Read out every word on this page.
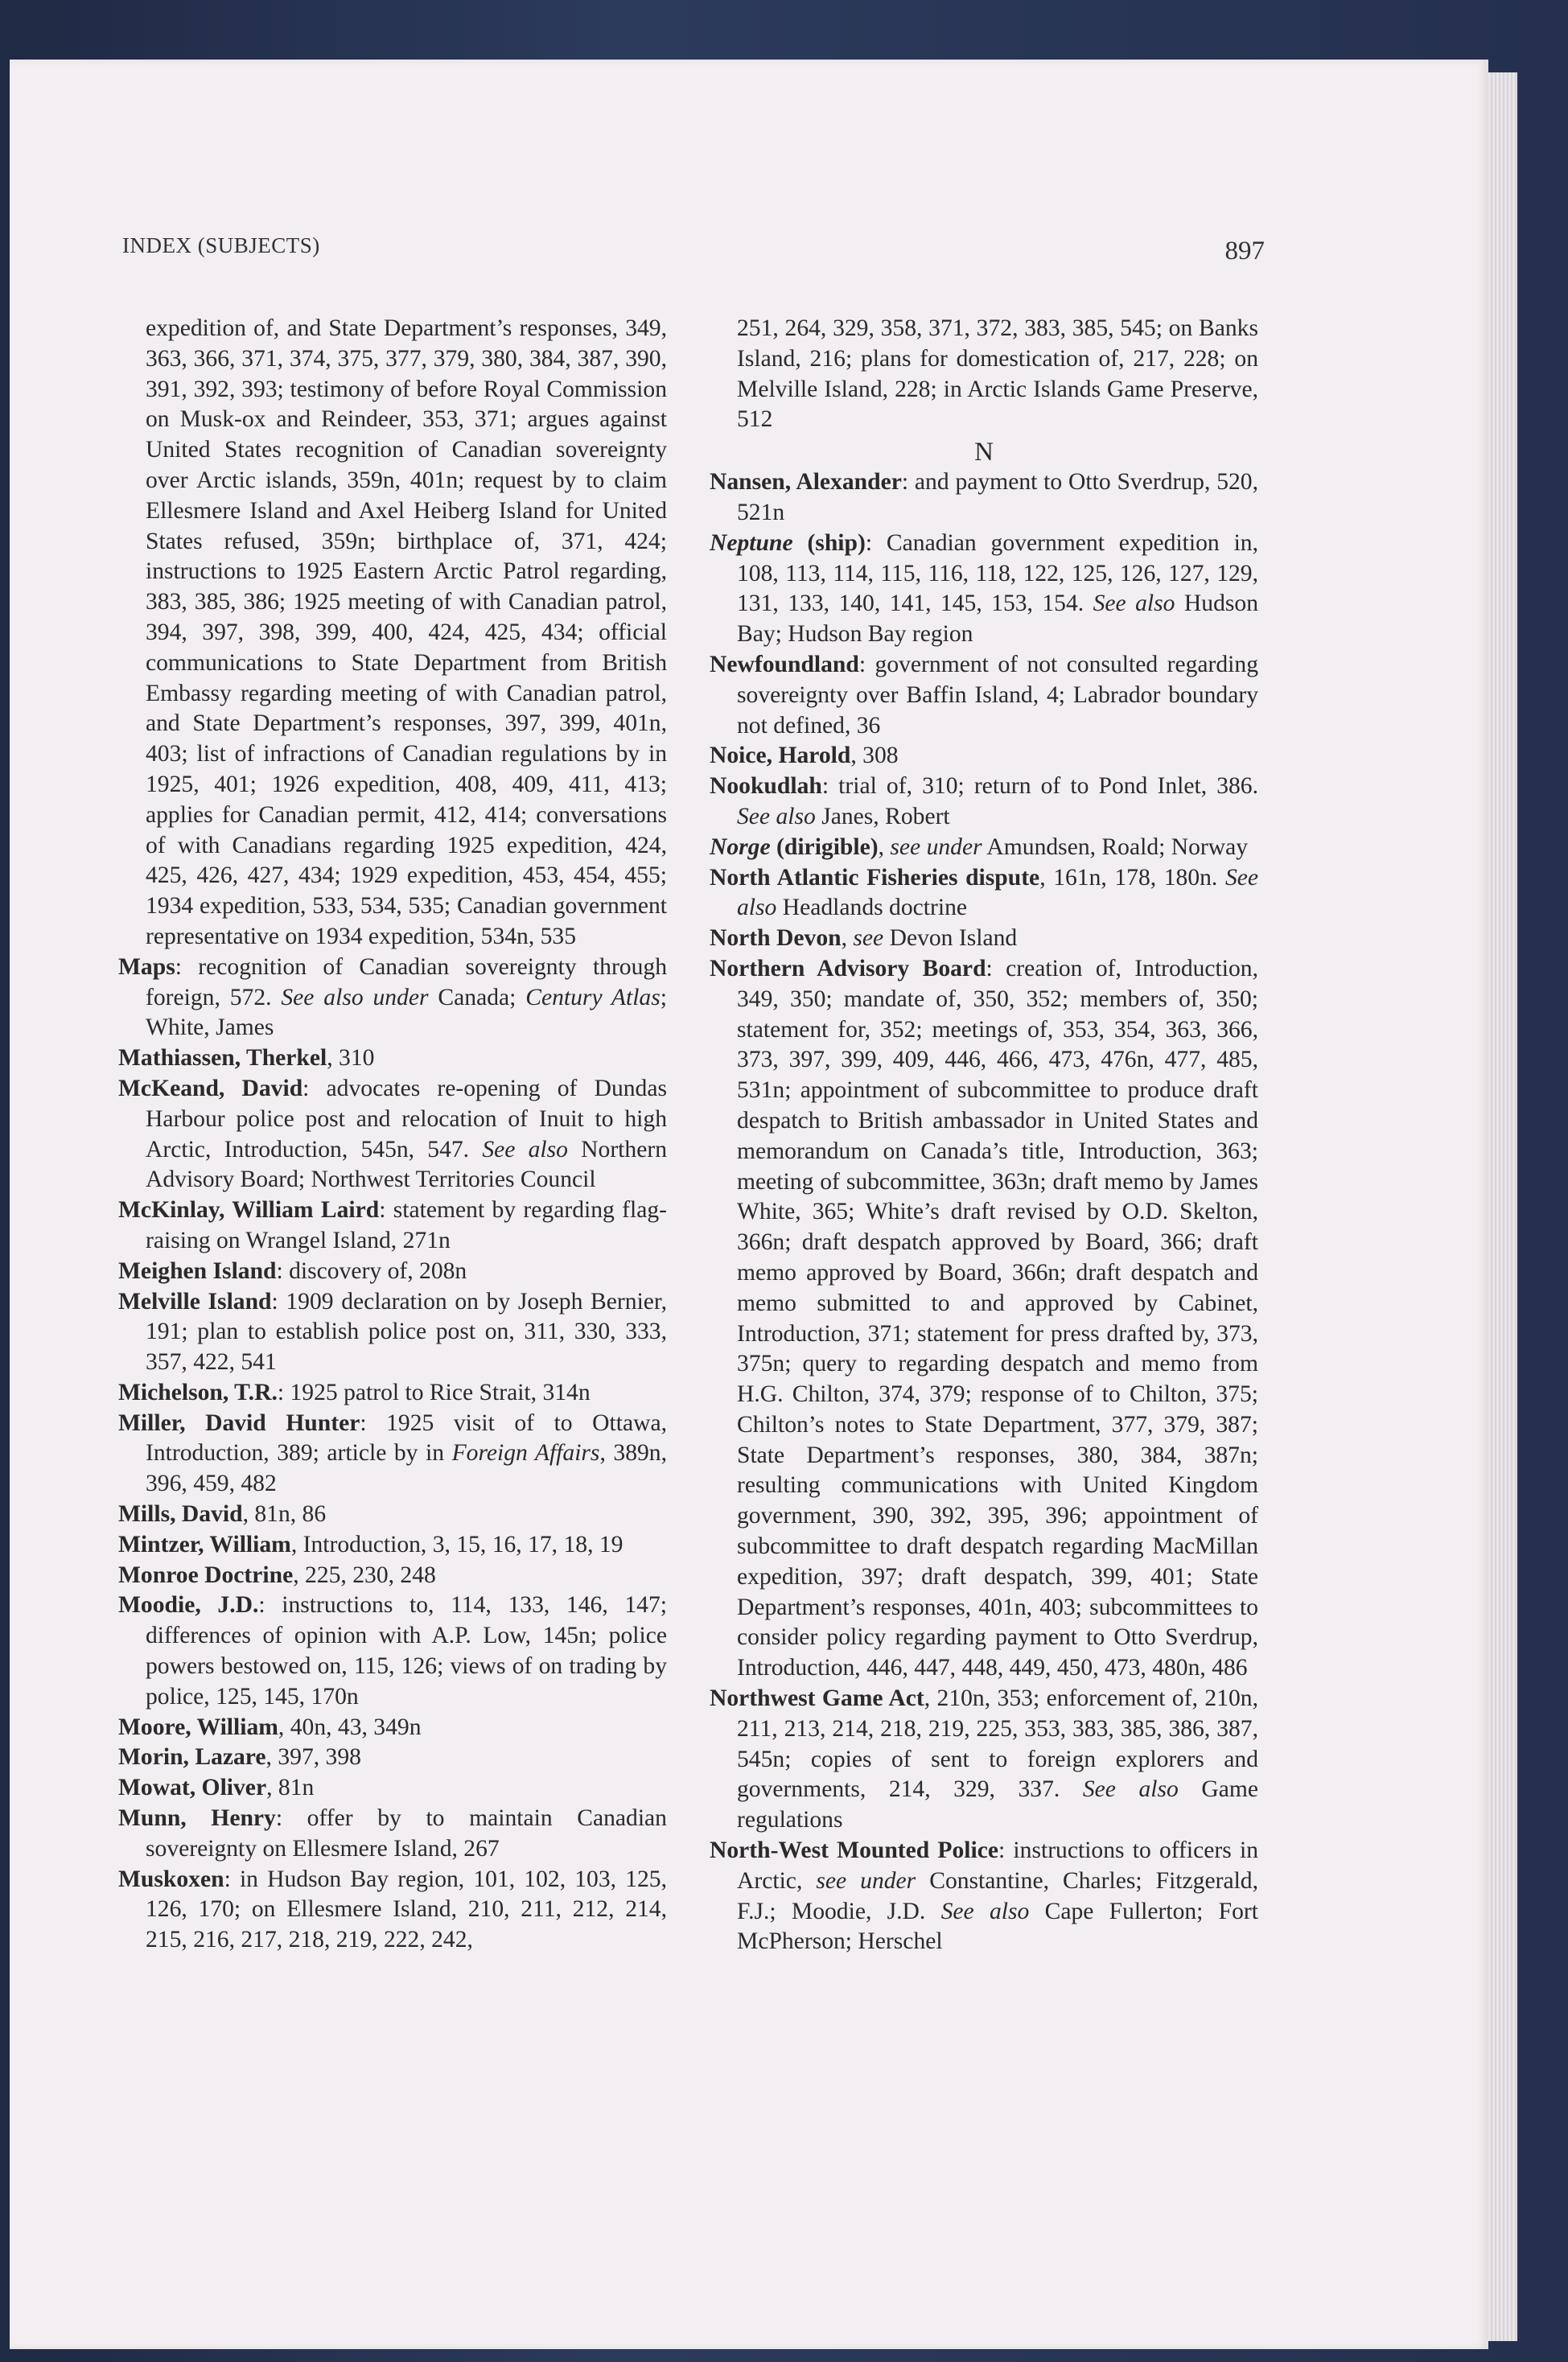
INDEX (SUBJECTS)	897

expedition of, and State Department’s responses, 349, 363, 366, 371, 374, 375, 377, 379, 380, 384, 387, 390, 391, 392, 393; testimony of before Royal Commission on Musk-ox and Reindeer, 353, 371; argues against United States recognition of Canadian sovereignty over Arctic islands, 359n, 401n; request by to claim Ellesmere Island and Axel Heiberg Island for United States refused, 359n; birthplace of, 371, 424; instructions to 1925 Eastern Arctic Patrol regarding, 383, 385, 386; 1925 meeting of with Canadian patrol, 394, 397, 398, 399, 400, 424, 425, 434; official communications to State Department from British Embassy regarding meeting of with Canadian patrol, and State Department’s responses, 397, 399, 401n, 403; list of infractions of Canadian regulations by in 1925, 401; 1926 expedition, 408, 409, 411, 413; applies for Canadian permit, 412, 414; conversations of with Canadians regarding 1925 expedition, 424, 425, 426, 427, 434; 1929 expedition, 453, 454, 455; 1934 expedition, 533, 534, 535; Canadian government representative on 1934 expedition, 534n, 535

Maps: recognition of Canadian sovereignty through foreign, 572. See also under Canada; Century Atlas; White, James

Mathiassen, Therkel, 310

McKeand, David: advocates re-opening of Dundas Harbour police post and relocation of Inuit to high Arctic, Introduction, 545n, 547. See also Northern Advisory Board; Northwest Territories Council

McKinlay, William Laird: statement by regarding flag-raising on Wrangel Island, 271n

Meighen Island: discovery of, 208n

Melville Island: 1909 declaration on by Joseph Bernier, 191; plan to establish police post on, 311, 330, 333, 357, 422, 541

Michelson, T.R.: 1925 patrol to Rice Strait, 314n

Miller, David Hunter: 1925 visit of to Ottawa, Introduction, 389; article by in Foreign Affairs, 389n, 396, 459, 482

Mills, David, 81n, 86

Mintzer, William, Introduction, 3, 15, 16, 17, 18, 19

Monroe Doctrine, 225, 230, 248

Moodie, J.D.: instructions to, 114, 133, 146, 147; differences of opinion with A.P. Low, 145n; police powers bestowed on, 115, 126; views of on trading by police, 125, 145, 170n

Moore, William, 40n, 43, 349n

Morin, Lazare, 397, 398

Mowat, Oliver, 81n

Munn, Henry: offer by to maintain Canadian sovereignty on Ellesmere Island, 267

Muskoxen: in Hudson Bay region, 101, 102, 103, 125, 126, 170; on Ellesmere Island, 210, 211, 212, 214, 215, 216, 217, 218, 219, 222, 242,

251, 264, 329, 358, 371, 372, 383, 385, 545; on Banks Island, 216; plans for domestication of, 217, 228; on Melville Island, 228; in Arctic Islands Game Preserve, 512

N

Nansen, Alexander: and payment to Otto Sverdrup, 520, 521n

Neptune (ship): Canadian government expedition in, 108, 113, 114, 115, 116, 118, 122, 125, 126, 127, 129, 131, 133, 140, 141, 145, 153, 154. See also Hudson Bay; Hudson Bay region

Newfoundland: government of not consulted regarding sovereignty over Baffin Island, 4; Labrador boundary not defined, 36

Noice, Harold, 308

Nookudlah: trial of, 310; return of to Pond Inlet, 386. See also Janes, Robert

Norge (dirigible), see under Amundsen, Roald; Norway

North Atlantic Fisheries dispute, 161n, 178, 180n. See also Headlands doctrine

North Devon, see Devon Island

Northern Advisory Board: creation of, Introduction, 349, 350; mandate of, 350, 352; members of, 350; statement for, 352; meetings of, 353, 354, 363, 366, 373, 397, 399, 409, 446, 466, 473, 476n, 477, 485, 531n; appointment of subcommittee to produce draft despatch to British ambassador in United States and memorandum on Canada’s title, Introduction, 363; meeting of subcommittee, 363n; draft memo by James White, 365; White’s draft revised by O.D. Skelton, 366n; draft despatch approved by Board, 366; draft memo approved by Board, 366n; draft despatch and memo submitted to and approved by Cabinet, Introduction, 371; statement for press drafted by, 373, 375n; query to regarding despatch and memo from H.G. Chilton, 374, 379; response of to Chilton, 375; Chilton’s notes to State Department, 377, 379, 387; State Department’s responses, 380, 384, 387n; resulting communications with United Kingdom government, 390, 392, 395, 396; appointment of subcommittee to draft despatch regarding MacMillan expedition, 397; draft despatch, 399, 401; State Department’s responses, 401n, 403; subcommittees to consider policy regarding payment to Otto Sverdrup, Introduction, 446, 447, 448, 449, 450, 473, 480n, 486

Northwest Game Act, 210n, 353; enforcement of, 210n, 211, 213, 214, 218, 219, 225, 353, 383, 385, 386, 387, 545n; copies of sent to foreign explorers and governments, 214, 329, 337. See also Game regulations

North-West Mounted Police: instructions to officers in Arctic, see under Constantine, Charles; Fitzgerald, F.J.; Moodie, J.D. See also Cape Fullerton; Fort McPherson; Herschel
